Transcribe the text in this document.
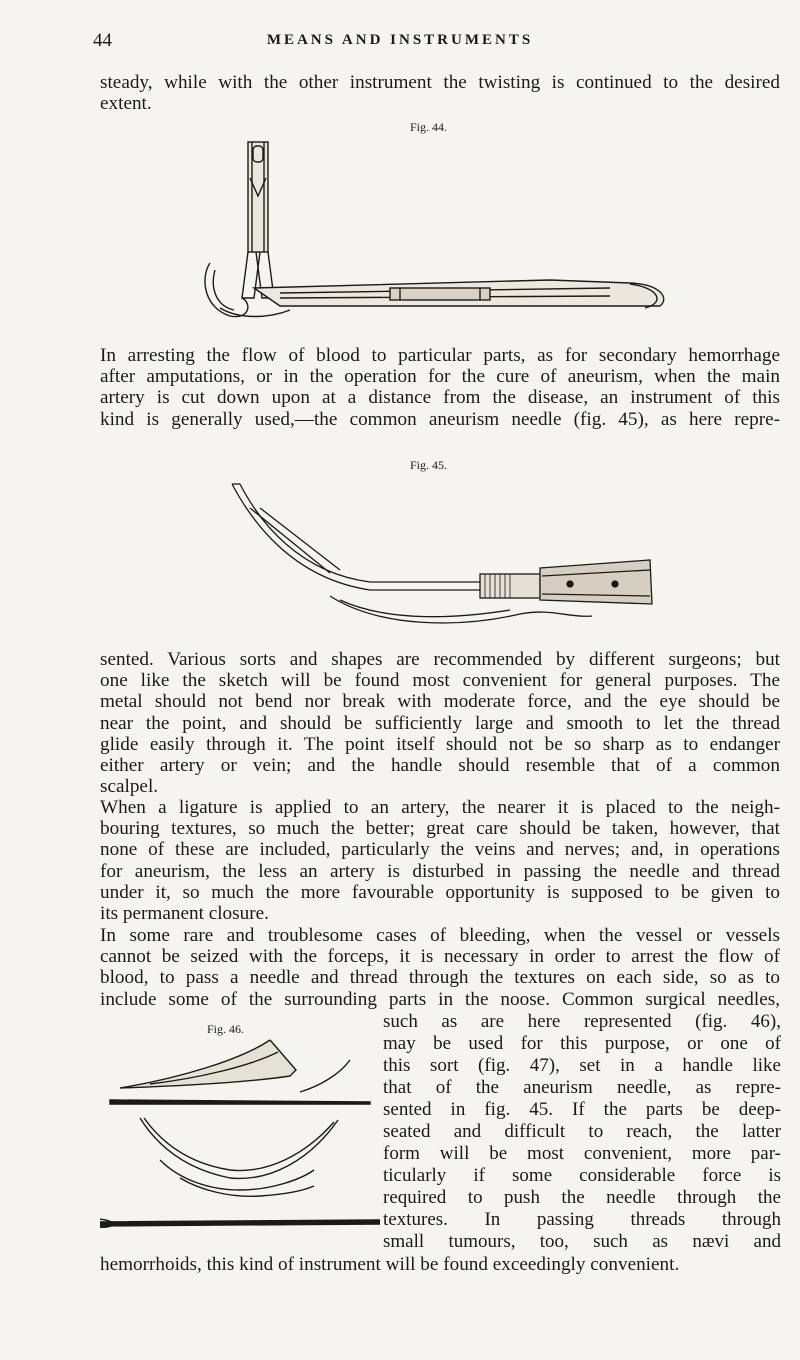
44	MEANS AND INSTRUMENTS
steady, while with the other instrument the twisting is continued to the desired
extent.
Fig. 44.
In arresting the flow of blood to particular parts, as for secondary hemorrhage
after amputations, or in the operation for the cure of aneurism, when the main
artery is cut down upon at a distance from the disease, an instrument of this
kind is generally used,—the common aneurism needle (fig. 45), as here repre-
Fig. 45.
sented. Various sorts and shapes are recommended by different surgeons; but
one like the sketch will be found most convenient for general purposes. The
metal should not bend nor break with moderate force, and the eye should be
near the point, and should be sufficiently large and smooth to let the thread
glide easily through it. The point itself should not be so sharp as to endanger
either artery or vein; and the handle should resemble that of a common
scalpel.
When a ligature is applied to an artery, the nearer it is placed to the neigh-
bouring textures, so much the better; great care should be taken, however, that
none of these are included, particularly the veins and nerves; and, in operations
for aneurism, the less an artery is disturbed in passing the needle and thread
under it, so much the more favourable opportunity is supposed to be given to
its permanent closure.
In some rare and troublesome cases of bleeding, when the vessel or vessels
cannot be seized with the forceps, it is necessary in order to arrest the flow of
blood, to pass a needle and thread through the textures on each side, so as to
include some of the surrounding parts in the noose. Common surgical needles,
Fig. 46.	such as are here represented (fig. 46),
may be used for this purpose, or one of
this sort (fig. 47), set in a handle like
that of the aneurism needle, as repre-
sented in fig. 45. If the parts be deep-
seated and difficult to reach, the latter
form will be most convenient, more par-
ticularly if some considerable force is
required to push the needle through the
textures. In passing threads through
small tumours, too, such as nævi and
hemorrhoids, this kind of instrument will be found exceedingly convenient.
